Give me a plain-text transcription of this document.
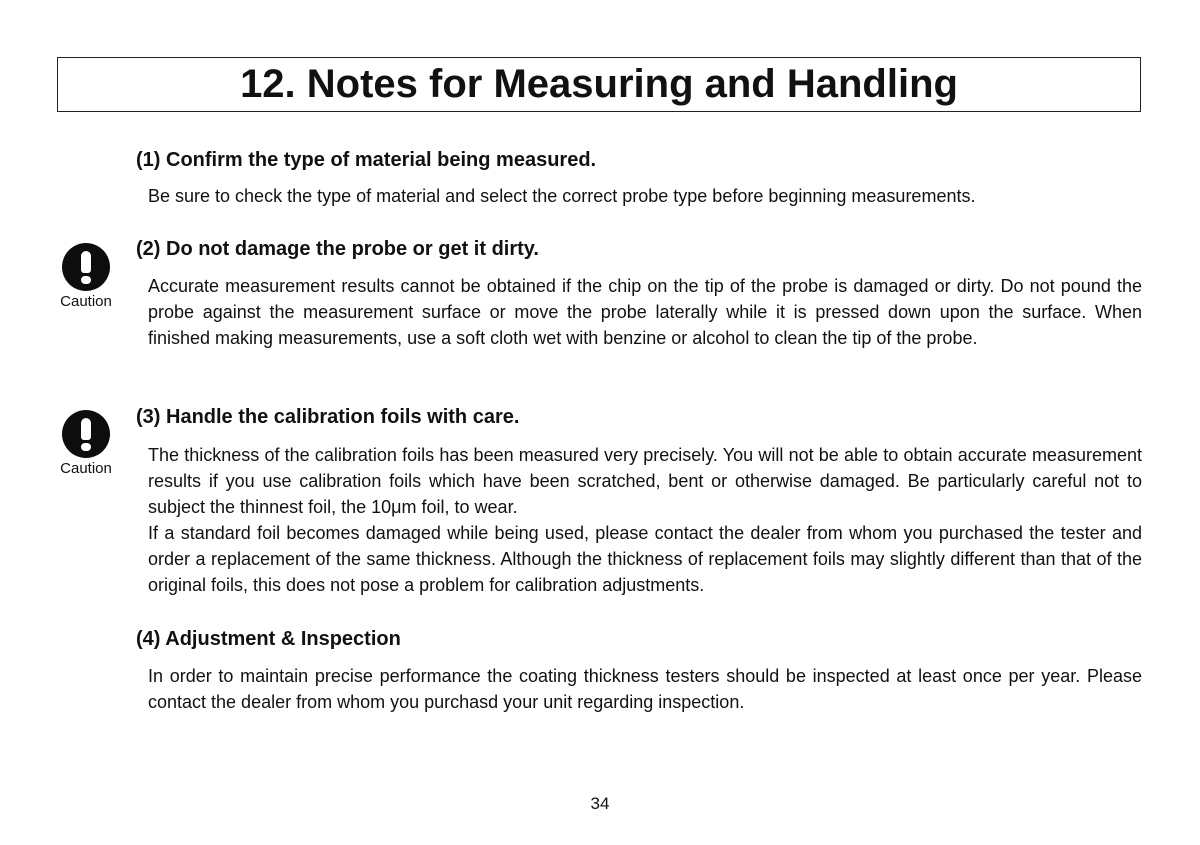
12. Notes for Measuring and Handling
(1) Confirm the type of material being measured.

Be sure to check the type of material and select the correct probe type before beginning measurements.

Caution
(2) Do not damage the probe or get it dirty.

Accurate measurement results cannot be obtained if the chip on the tip of the probe is damaged or dirty. Do not pound the probe against the measurement surface or move the probe laterally while it is pressed down upon the surface. When finished making measurements, use a soft cloth wet with benzine or alcohol to clean the tip of the probe.

Caution
(3) Handle the calibration foils with care.

The thickness of the calibration foils has been measured very precisely. You will not be able to obtain accurate measurement results if you use calibration foils which have been scratched, bent or otherwise damaged. Be particularly careful not to subject the thinnest foil, the 10μm foil, to wear.

If a standard foil becomes damaged while being used, please contact the dealer from whom you purchased the tester and order a replacement of the same thickness. Although the thickness of replacement foils may slightly different than that of the original foils, this does not pose a problem for calibration adjustments.

(4) Adjustment & Inspection

In order to maintain precise performance the coating thickness testers should be inspected at least once per year. Please contact the dealer from whom you purchasd your unit regarding inspection.

34
